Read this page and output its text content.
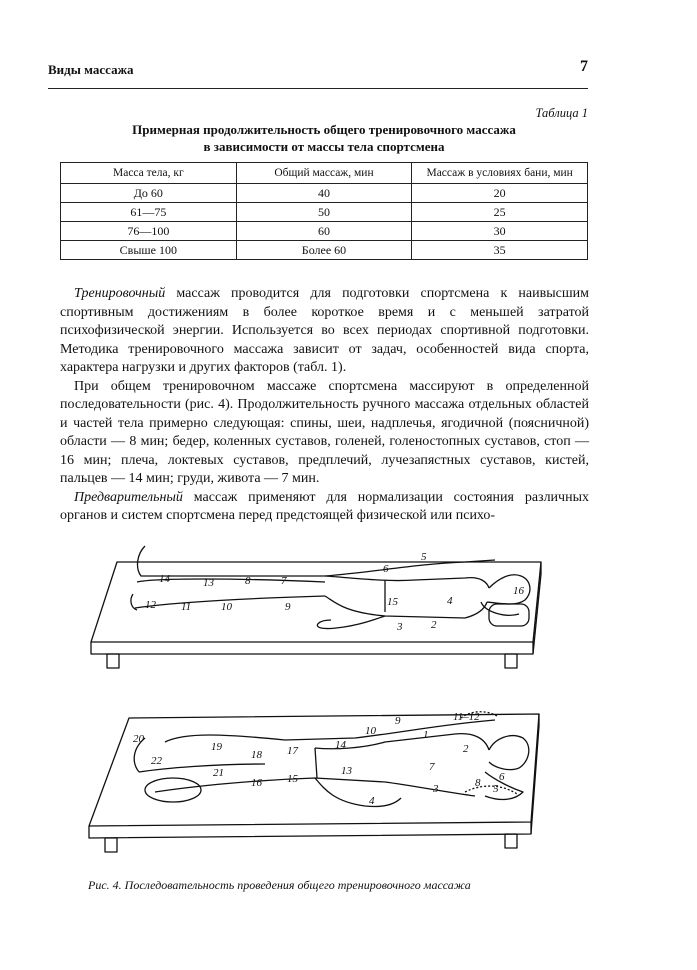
Виды массажа	7
Таблица 1
Примерная продолжительность общего тренировочного массажа
в зависимости от массы тела спортсмена
Масса тела, кг	Общий массаж, мин	Массаж в условиях бани, мин
До 60	40	20
61—75	50	25
76—100	60	30
Свыше 100	Более 60	35

Тренировочный массаж проводится для подготовки спортсмена к наивысшим спортивным достижениям в более короткое время и с меньшей затратой психофизической энергии. Используется во всех периодах спортивной подготовки. Методика тренировочного массажа зависит от задач, особенностей вида спорта, характера нагрузки и других факторов (табл. 1).

При общем тренировочном массаже спортсмена массируют в определенной последовательности (рис. 4). Продолжительность ручного массажа отдельных областей и частей тела примерно следующая: спины, шеи, надплечья, ягодичной (поясничной) области — 8 мин; бедер, коленных суставов, голеней, голеностопных суставов, стоп — 16 мин; плеча, локтевых суставов, предплечий, лучезапястных суставов, кистей, пальцев — 14 мин; груди, живота — 7 мин.

Предварительный массаж применяют для нормализации состояния различных органов и систем спортсмена перед предстоящей физической или психо-

5
6
16
14	13	8	7
15	4
12 11	10	9
3	2
11–12
9
10	1
2
20
19
18 17	14
22
21
16 15
13	7
8 6
5
3
4
Рис. 4. Последовательность проведения общего тренировочного массажа
